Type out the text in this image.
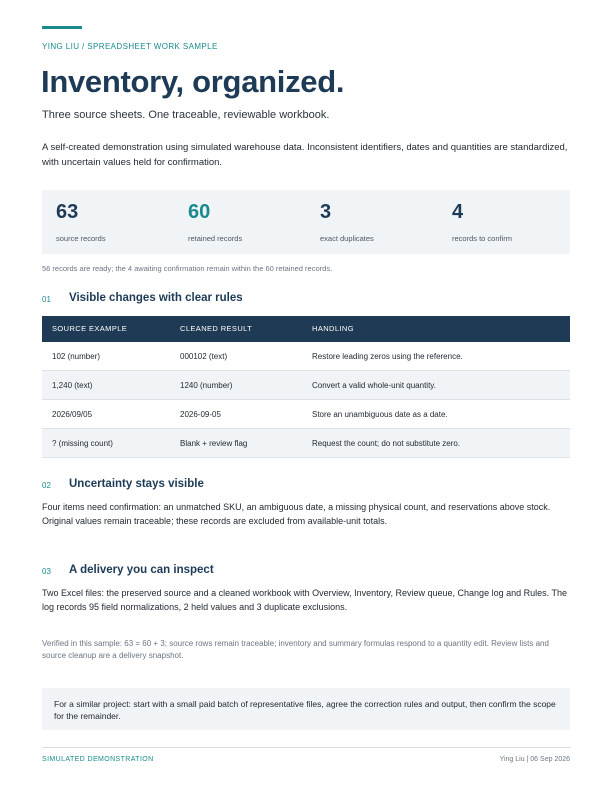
YING LIU / SPREADSHEET WORK SAMPLE
Inventory, organized.
Three source sheets. One traceable, reviewable workbook.

A self-created demonstration using simulated warehouse data. Inconsistent identifiers, dates and quantities are standardized, with uncertain values held for confirmation.

63
source records
60
retained records
3
exact duplicates
4
records to confirm
56 records are ready; the 4 awaiting confirmation remain within the 60 retained records.
01 Visible changes with clear rules
SOURCE EXAMPLE	CLEANED RESULT	HANDLING
102 (number)	000102 (text)	Restore leading zeros using the reference.
1,240 (text)	1240 (number)	Convert a valid whole-unit quantity.
2026/09/05	2026-09-05	Store an unambiguous date as a date.
? (missing count)	Blank + review flag	Request the count; do not substitute zero.
02 Uncertainty stays visible

Four items need confirmation: an unmatched SKU, an ambiguous date, a missing physical count, and reservations above stock. Original values remain traceable; these records are excluded from available-unit totals.

03 A delivery you can inspect

Two Excel files: the preserved source and a cleaned workbook with Overview, Inventory, Review queue, Change log and Rules. The log records 95 field normalizations, 2 held values and 3 duplicate exclusions.

Verified in this sample: 63 = 60 + 3; source rows remain traceable; inventory and summary formulas respond to a quantity edit. Review lists and source cleanup are a delivery snapshot.

For a similar project: start with a small paid batch of representative files, agree the correction rules and output, then confirm the scope for the remainder.

SIMULATED DEMONSTRATION	Ying Liu | 06 Sep 2026
